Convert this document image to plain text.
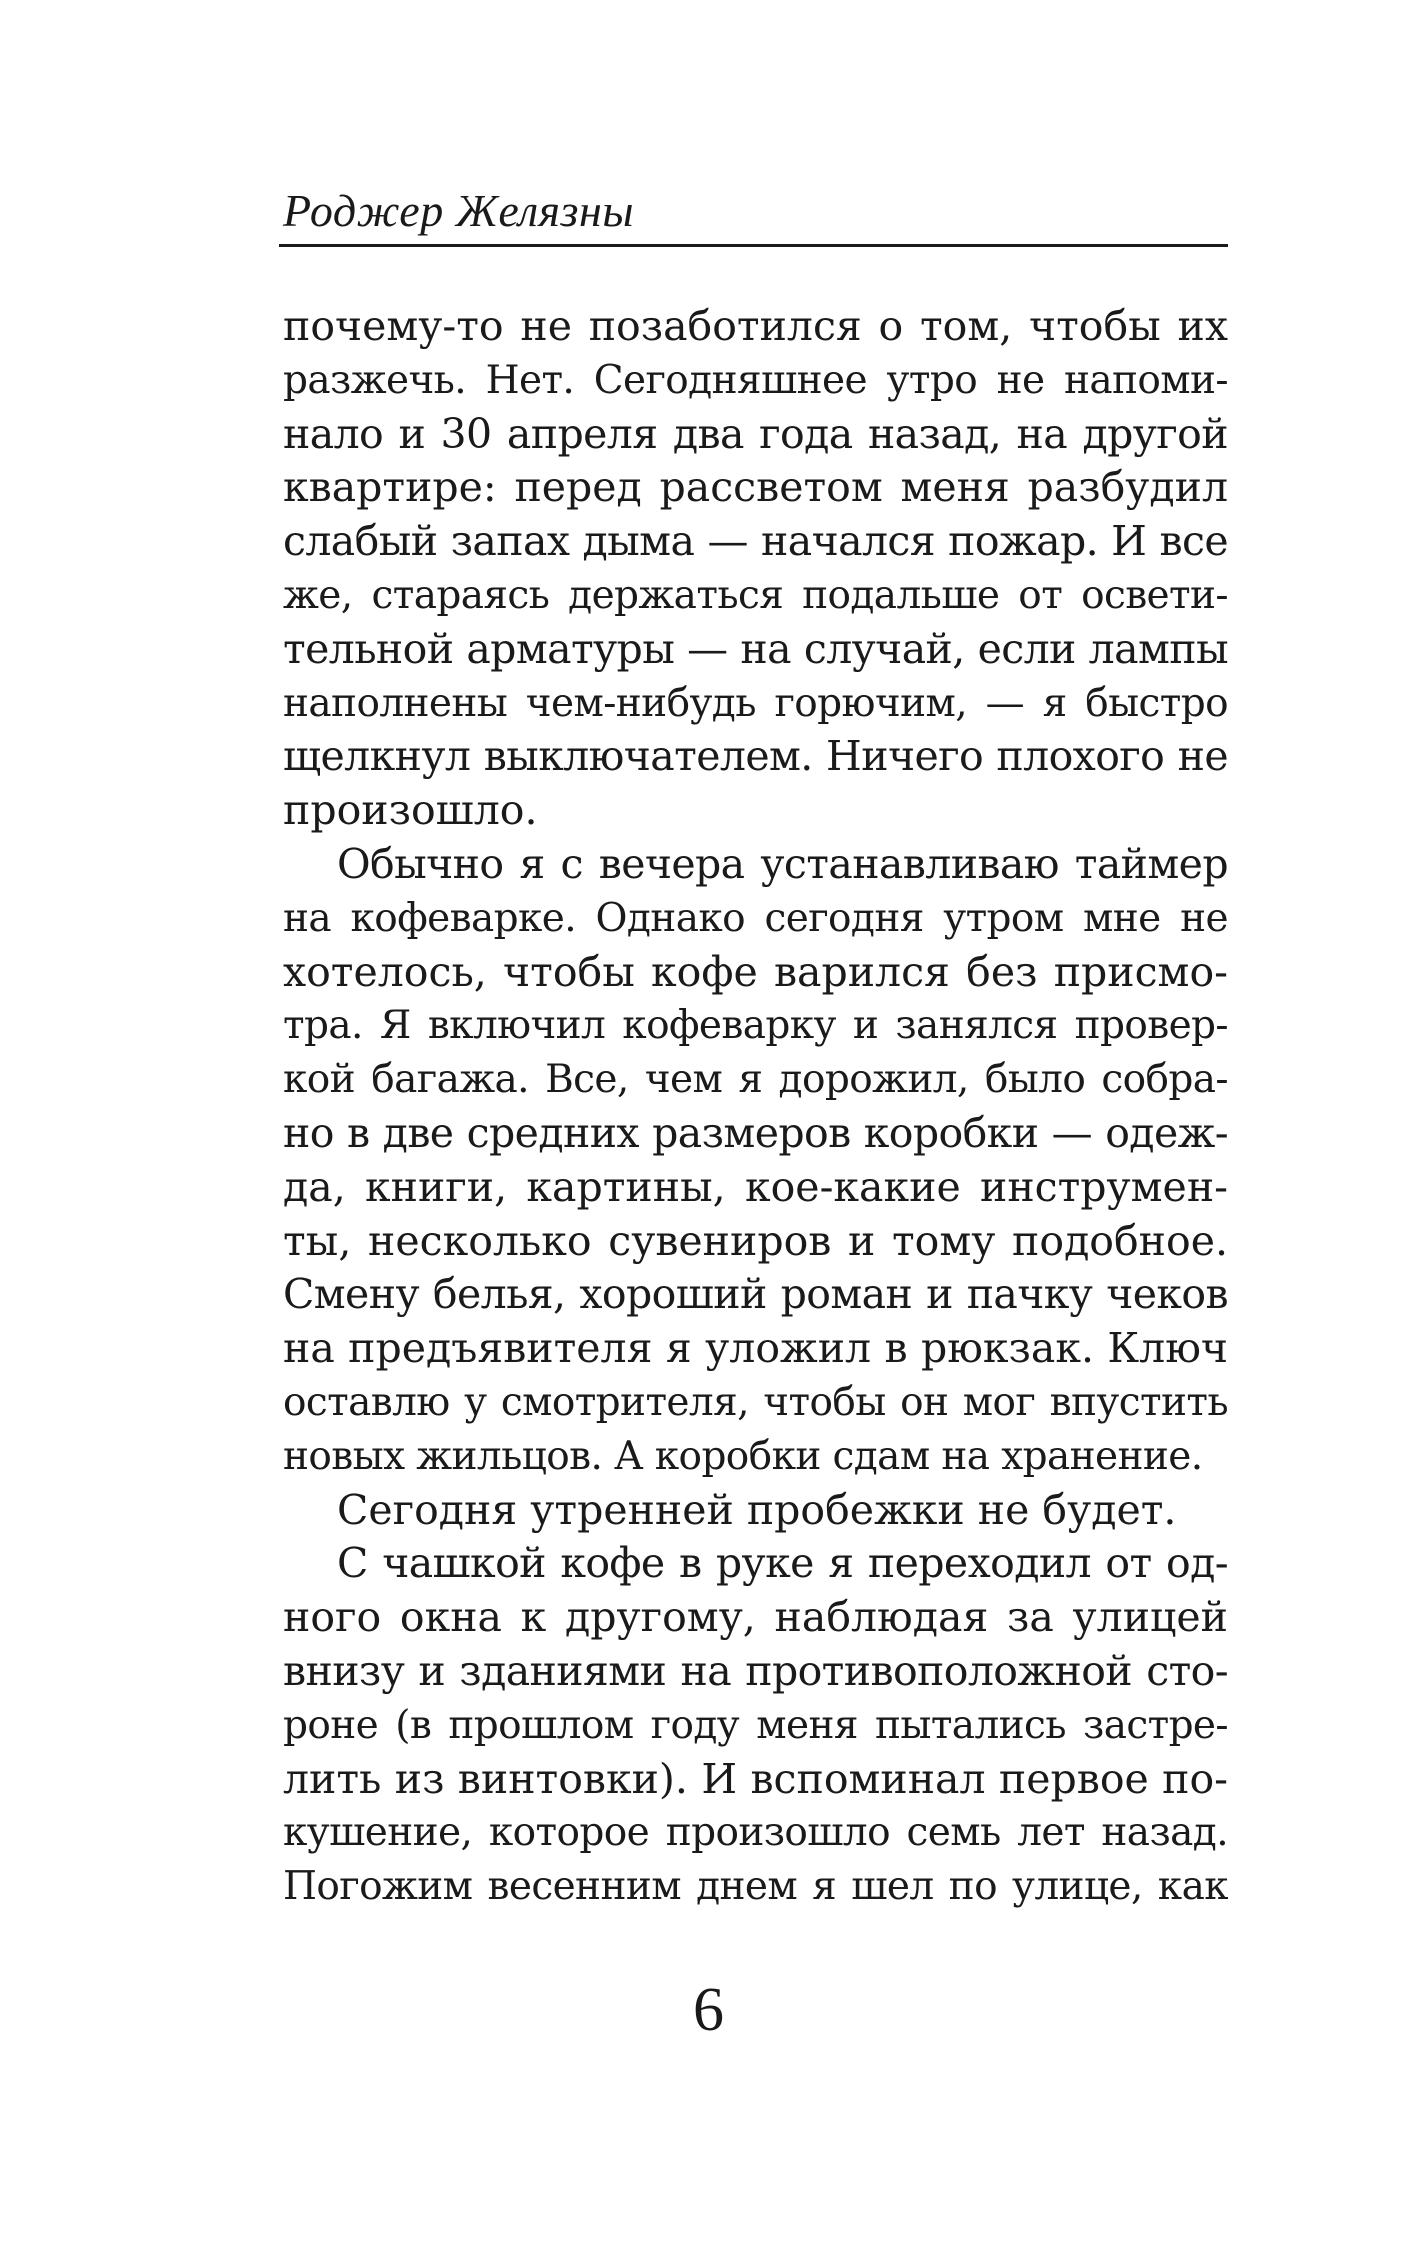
Роджер Желязны
почему-то не позаботился о том, чтобы их
разжечь. Нет. Сегодняшнее утро не напоми-
нало и 30 апреля два года назад, на другой
квартире: перед рассветом меня разбудил
слабый запах дыма — начался пожар. И все
же, стараясь держаться подальше от освети-
тельной арматуры — на случай, если лампы
наполнены чем-нибудь горючим, — я быстро
щелкнул выключателем. Ничего плохого не
произошло.
Обычно я с вечера устанавливаю таймер
на кофеварке. Однако сегодня утром мне не
хотелось, чтобы кофе варился без присмо-
тра. Я включил кофеварку и занялся провер-
кой багажа. Все, чем я дорожил, было собра-
но в две средних размеров коробки — одеж-
да, книги, картины, кое-какие инструмен-
ты, несколько сувениров и тому подобное.
Смену белья, хороший роман и пачку чеков
на предъявителя я уложил в рюкзак. Ключ
оставлю у смотрителя, чтобы он мог впустить
новых жильцов. А коробки сдам на хранение.
Сегодня утренней пробежки не будет.
С чашкой кофе в руке я переходил от од-
ного окна к другому, наблюдая за улицей
внизу и зданиями на противоположной сто-
роне (в прошлом году меня пытались застре-
лить из винтовки). И вспоминал первое по-
кушение, которое произошло семь лет назад.
Погожим весенним днем я шел по улице, как
6
